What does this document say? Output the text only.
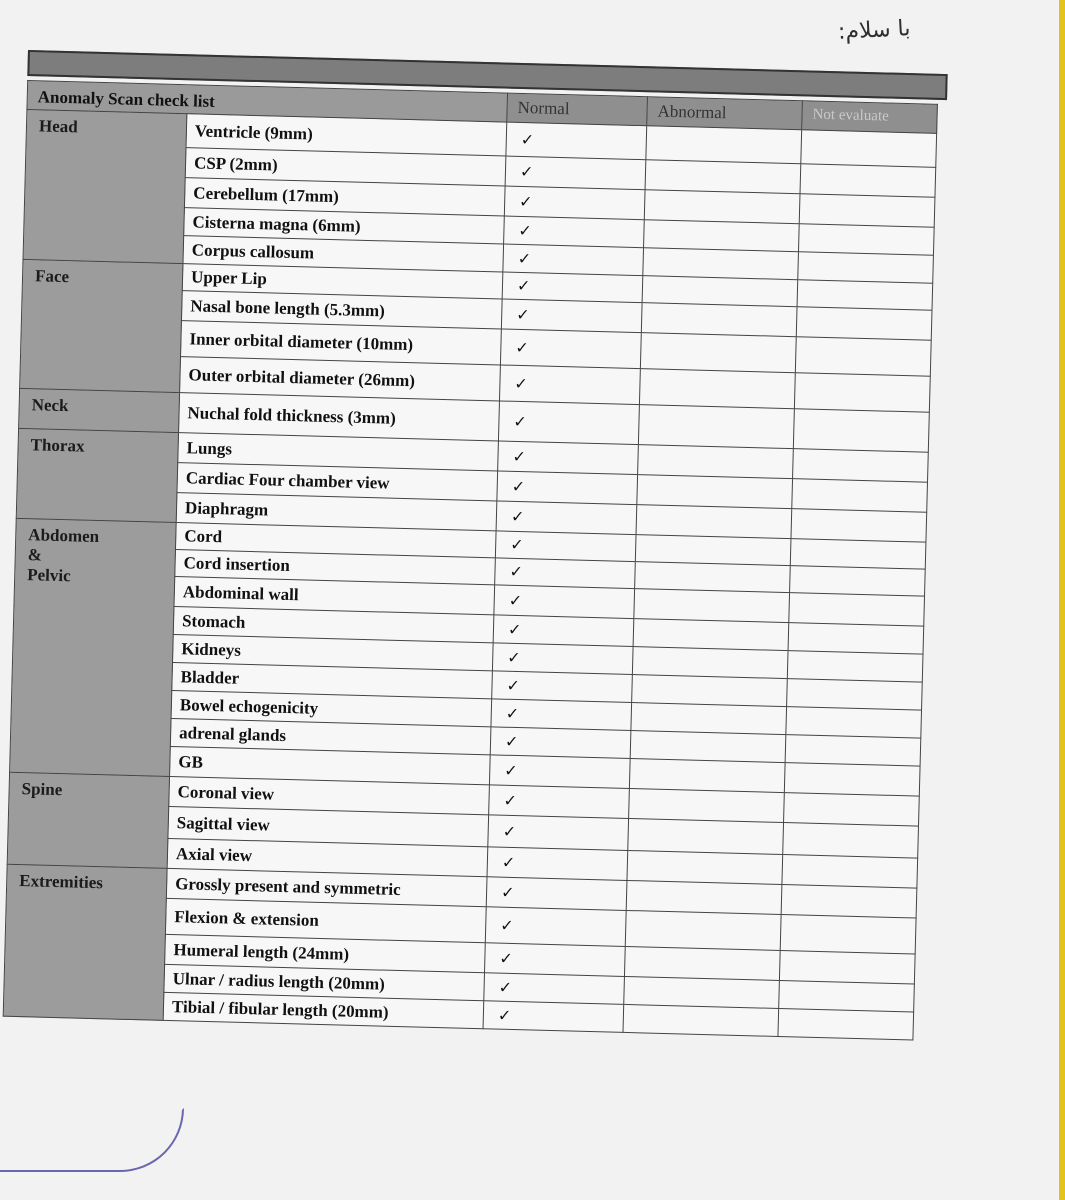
با سلام:
Anomaly Scan check list		Normal	Abnormal	Not evaluate
Head	Ventricle (9mm)	✓		
	CSP (2mm)	✓		
	Cerebellum (17mm)	✓		
	Cisterna magna (6mm)	✓		
	Corpus callosum	✓		
Face	Upper Lip	✓		
	Nasal bone length (5.3mm)	✓		
	Inner orbital diameter (10mm)	✓		
	Outer orbital diameter (26mm)	✓		
Neck	Nuchal fold thickness (3mm)	✓		
Thorax	Lungs	✓		
	Cardiac Four chamber view	✓		
	Diaphragm	✓		
Abdomen
&
Pelvic	Cord	✓		
	Cord insertion	✓		
	Abdominal wall	✓		
	Stomach	✓		
	Kidneys	✓		
	Bladder	✓		
	Bowel echogenicity	✓		
	adrenal glands	✓		
	GB	✓		
Spine	Coronal view	✓		
	Sagittal view	✓		
	Axial view	✓		
Extremities	Grossly present and symmetric	✓		
	Flexion & extension	✓		
	Humeral length (24mm)	✓		
	Ulnar / radius length (20mm)	✓		
	Tibial / fibular length (20mm)	✓		
